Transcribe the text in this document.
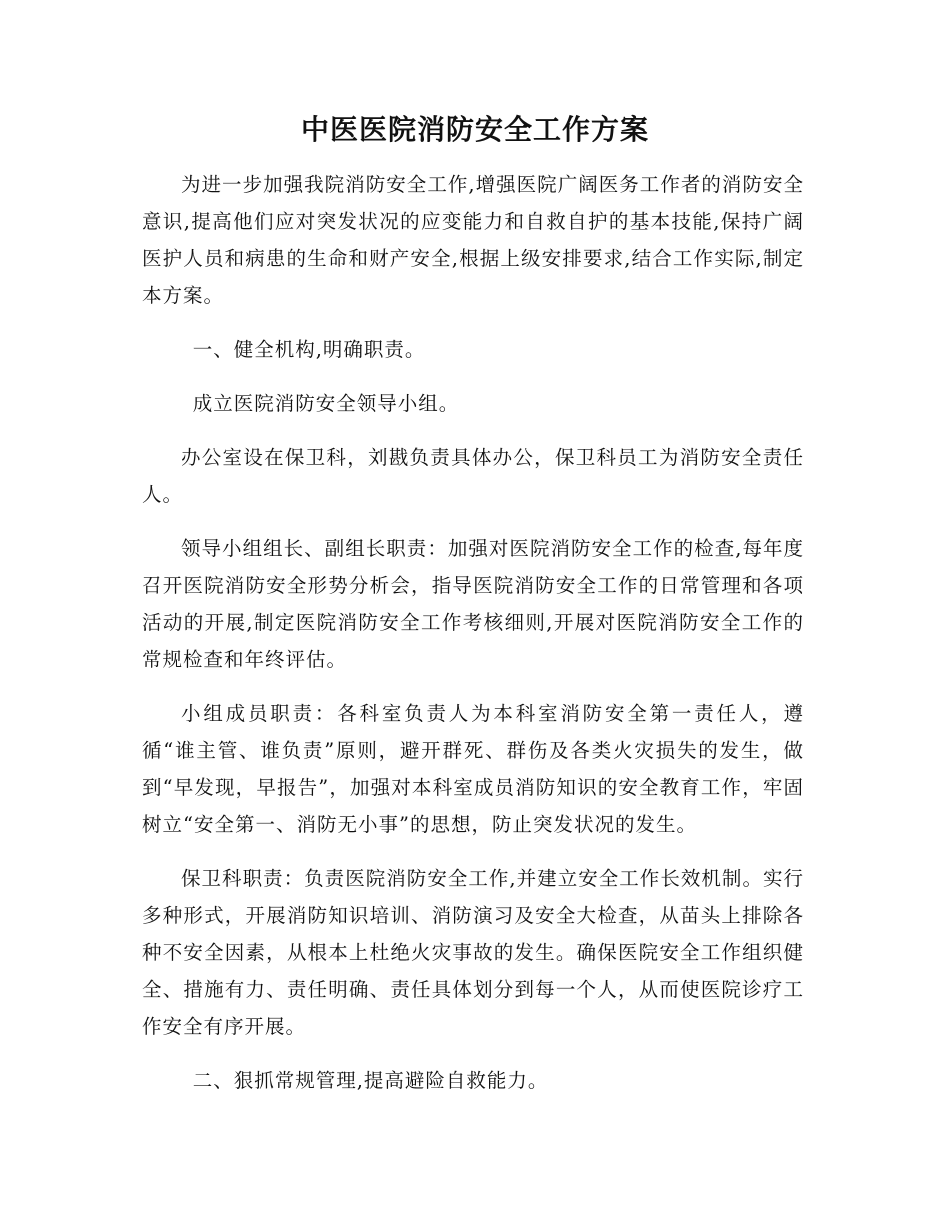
中医医院消防安全工作方案

为进一步加强我院消防安全工作,增强医院广阔医务工作者的消防安全意识,提高他们应对突发状况的应变能力和自救自护的基本技能,保持广阔医护人员和病患的生命和财产安全,根据上级安排要求,结合工作实际,制定本方案。

一、健全机构,明确职责。

成立医院消防安全领导小组。

办公室设在保卫科，刘戡负责具体办公，保卫科员工为消防安全责任人。

领导小组组长、副组长职责：加强对医院消防安全工作的检查,每年度召开医院消防安全形势分析会，指导医院消防安全工作的日常管理和各项活动的开展,制定医院消防安全工作考核细则,开展对医院消防安全工作的常规检查和年终评估。

小组成员职责：各科室负责人为本科室消防安全第一责任人，遵循“谁主管、谁负责”原则，避开群死、群伤及各类火灾损失的发生，做到“早发现，早报告”，加强对本科室成员消防知识的安全教育工作，牢固树立“安全第一、消防无小事”的思想，防止突发状况的发生。

保卫科职责：负责医院消防安全工作,并建立安全工作长效机制。实行多种形式，开展消防知识培训、消防演习及安全大检查，从苗头上排除各种不安全因素，从根本上杜绝火灾事故的发生。确保医院安全工作组织健全、措施有力、责任明确、责任具体划分到每一个人，从而使医院诊疗工作安全有序开展。

二、狠抓常规管理,提高避险自救能力。
